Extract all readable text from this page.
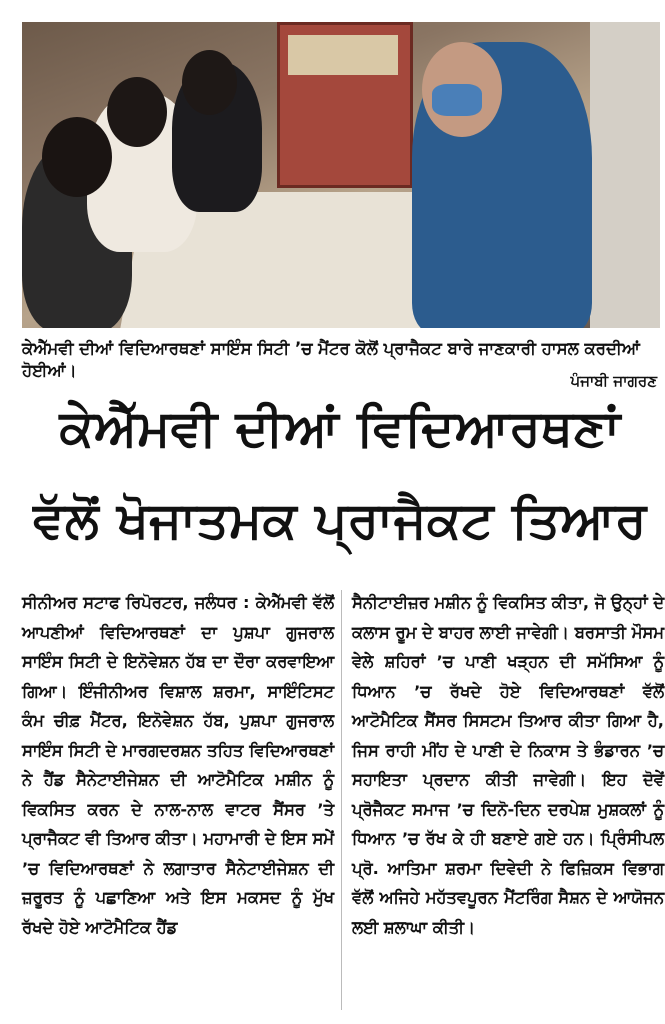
ਕੇਐੱਮਵੀ ਦੀਆਂ ਵਿਦਿਆਰਥਣਾਂ ਸਾਇੰਸ ਸਿਟੀ ’ਚ ਮੈਂਟਰ ਕੋਲੋਂ ਪ੍ਰਾਜੈਕਟ ਬਾਰੇ ਜਾਣਕਾਰੀ ਹਾਸਲ ਕਰਦੀਆਂ ਹੋਈਆਂ।
ਪੰਜਾਬੀ ਜਾਗਰਣ
ਕੇਐੱਮਵੀ ਦੀਆਂ ਵਿਦਿਆਰਥਣਾਂ
ਵੱਲੋਂ ਖੋਜਾਤਮਕ ਪ੍ਰਾਜੈਕਟ ਤਿਆਰ
ਸੀਨੀਅਰ ਸਟਾਫ ਰਿਪੋਰਟਰ, ਜਲੰਧਰ : ਕੇਐੱਮਵੀ ਵੱਲੋਂ ਆਪਣੀਆਂ ਵਿਦਿਆਰਥਣਾਂ ਦਾ ਪੁਸ਼ਪਾ ਗੁਜਰਾਲ ਸਾਇੰਸ ਸਿਟੀ ਦੇ ਇਨੋਵੇਸ਼ਨ ਹੱਬ ਦਾ ਦੌਰਾ ਕਰਵਾਇਆ ਗਿਆ। ਇੰਜੀਨੀਅਰ ਵਿਸ਼ਾਲ ਸ਼ਰਮਾ, ਸਾਇੰਟਿਸਟ ਕੰਮ ਚੀਫ਼ ਮੈਂਟਰ, ਇਨੋਵੇਸ਼ਨ ਹੱਬ, ਪੁਸ਼ਪਾ ਗੁਜਰਾਲ ਸਾਇੰਸ ਸਿਟੀ ਦੇ ਮਾਰਗਦਰਸ਼ਨ ਤਹਿਤ ਵਿਦਿਆਰਥਣਾਂ ਨੇ ਹੈਂਡ ਸੈਨੇਟਾਈਜੇਸ਼ਨ ਦੀ ਆਟੋਮੈਟਿਕ ਮਸ਼ੀਨ ਨੂੰ ਵਿਕਸਿਤ ਕਰਨ ਦੇ ਨਾਲ-ਨਾਲ ਵਾਟਰ ਸੈਂਸਰ ’ਤੇ ਪ੍ਰਾਜੈਕਟ ਵੀ ਤਿਆਰ ਕੀਤਾ। ਮਹਾਮਾਰੀ ਦੇ ਇਸ ਸਮੇਂ ’ਚ ਵਿਦਿਆਰਥਣਾਂ ਨੇ ਲਗਾਤਾਰ ਸੈਨੇਟਾਈਜੇਸ਼ਨ ਦੀ ਜ਼ਰੂਰਤ ਨੂੰ ਪਛਾਣਿਆ ਅਤੇ ਇਸ ਮਕਸਦ ਨੂੰ ਮੁੱਖ ਰੱਖਦੇ ਹੋਏ ਆਟੋਮੈਟਿਕ ਹੈਂਡ
ਸੈਨੀਟਾਈਜ਼ਰ ਮਸ਼ੀਨ ਨੂੰ ਵਿਕਸਿਤ ਕੀਤਾ, ਜੋ ਉਨ੍ਹਾਂ ਦੇ ਕਲਾਸ ਰੂਮ ਦੇ ਬਾਹਰ ਲਾਈ ਜਾਵੇਗੀ। ਬਰਸਾਤੀ ਮੌਸਮ ਵੇਲੇ ਸ਼ਹਿਰਾਂ ’ਚ ਪਾਣੀ ਖੜ੍ਹਨ ਦੀ ਸਮੱਸਿਆ ਨੂੰ ਧਿਆਨ ’ਚ ਰੱਖਦੇ ਹੋਏ ਵਿਦਿਆਰਥਣਾਂ ਵੱਲੋਂ ਆਟੋਮੈਟਿਕ ਸੈਂਸਰ ਸਿਸਟਮ ਤਿਆਰ ਕੀਤਾ ਗਿਆ ਹੈ, ਜਿਸ ਰਾਹੀ ਮੀਂਹ ਦੇ ਪਾਣੀ ਦੇ ਨਿਕਾਸ ਤੇ ਭੰਡਾਰਨ ’ਚ ਸਹਾਇਤਾ ਪ੍ਰਦਾਨ ਕੀਤੀ ਜਾਵੇਗੀ। ਇਹ ਦੋਵੇਂ ਪ੍ਰੋਜੈਕਟ ਸਮਾਜ ’ਚ ਦਿਨੋ-ਦਿਨ ਦਰਪੇਸ਼ ਮੁਸ਼ਕਲਾਂ ਨੂੰ ਧਿਆਨ ’ਚ ਰੱਖ ਕੇ ਹੀ ਬਣਾਏ ਗਏ ਹਨ। ਪ੍ਰਿੰਸੀਪਲ ਪ੍ਰੋ. ਆਤਿਮਾ ਸ਼ਰਮਾ ਦਿਵੇਦੀ ਨੇ ਫਿਜ਼ਿਕਸ ਵਿਭਾਗ ਵੱਲੋਂ ਅਜਿਹੇ ਮਹੱਤਵਪੂਰਨ ਮੈਂਟਰਿੰਗ ਸੈਸ਼ਨ ਦੇ ਆਯੋਜਨ ਲਈ ਸ਼ਲਾਘਾ ਕੀਤੀ।
